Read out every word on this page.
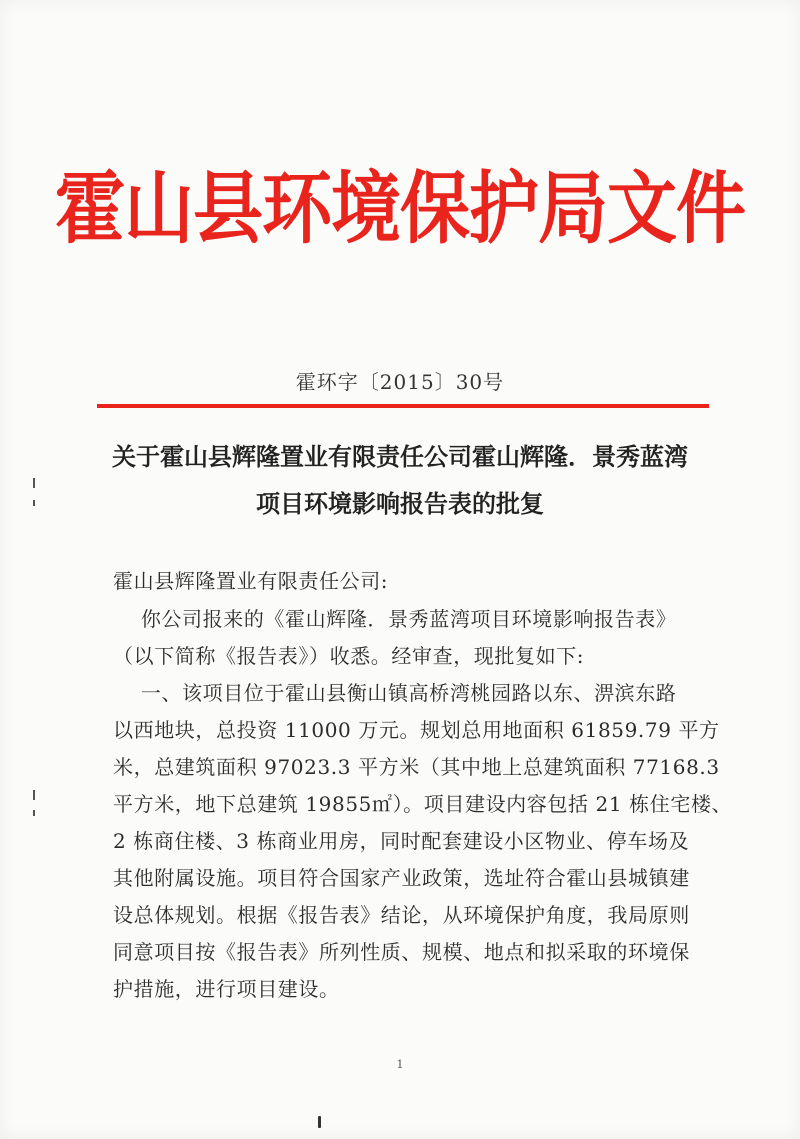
霍山县环境保护局文件
霍环字〔2015〕30号
关于霍山县辉隆置业有限责任公司霍山辉隆．景秀蓝湾
项目环境影响报告表的批复
霍山县辉隆置业有限责任公司:
你公司报来的《霍山辉隆．景秀蓝湾项目环境影响报告表》
（以下简称《报告表》）收悉。经审查，现批复如下:
一、该项目位于霍山县衡山镇高桥湾桃园路以东、淠滨东路
以西地块，总投资 11000 万元。规划总用地面积 61859.79 平方
米，总建筑面积 97023.3 平方米（其中地上总建筑面积 77168.3
平方米，地下总建筑 19855㎡）。项目建设内容包括 21 栋住宅楼、
2 栋商住楼、3 栋商业用房，同时配套建设小区物业、停车场及
其他附属设施。项目符合国家产业政策，选址符合霍山县城镇建
设总体规划。根据《报告表》结论，从环境保护角度，我局原则
同意项目按《报告表》所列性质、规模、地点和拟采取的环境保
护措施，进行项目建设。
1
